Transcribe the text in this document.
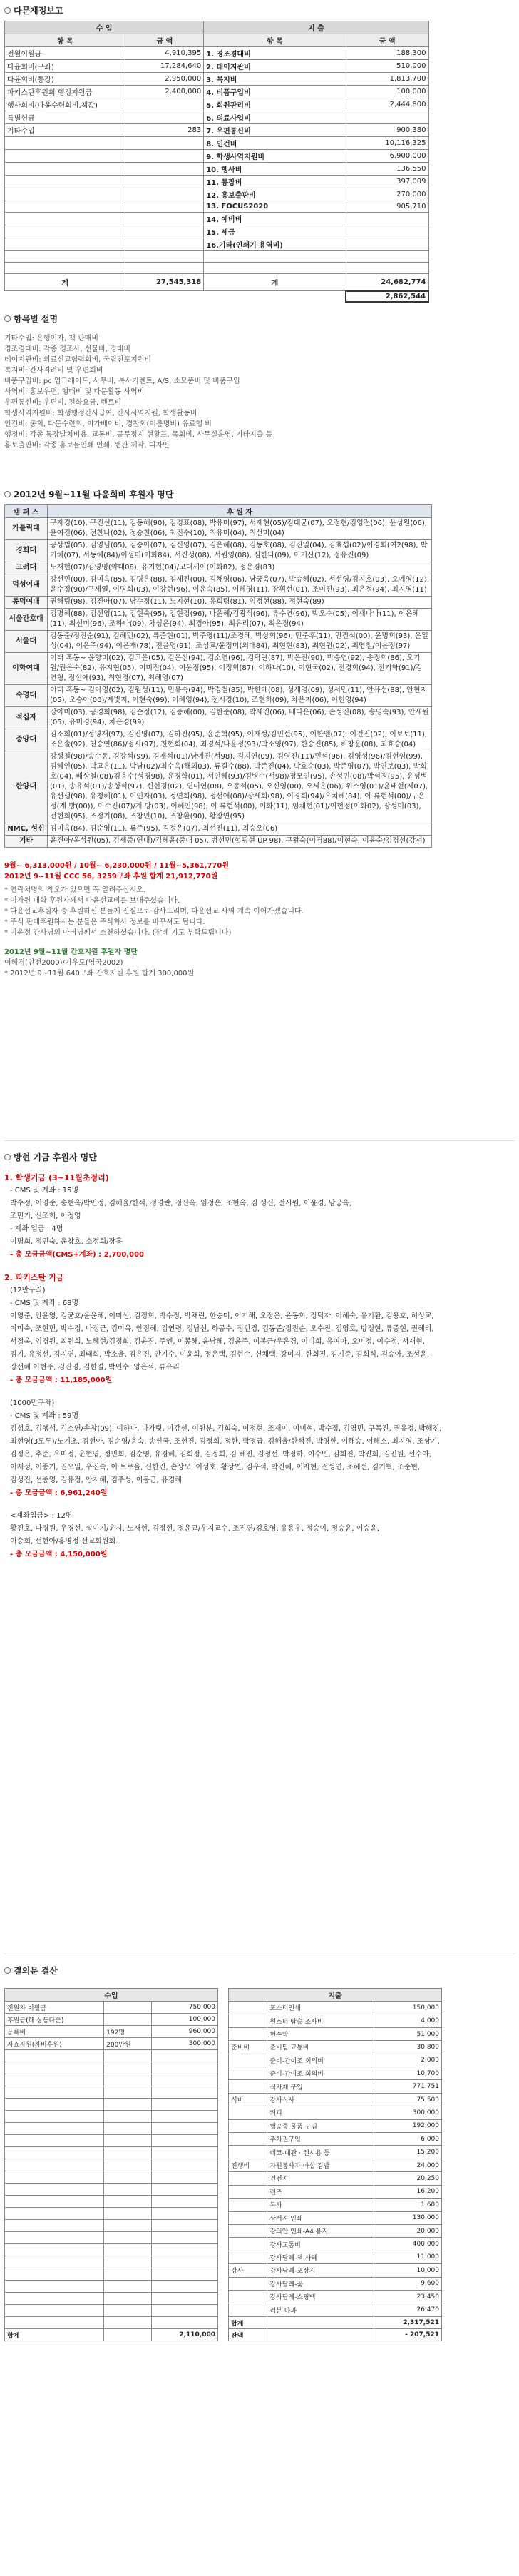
다문재정보고
수 입		지 출	
항 목	금 액	항 목	금 액
전월이월금	4,910,395	1. 경조경대비	188,300
다윤회비(구좌)	17,284,640	2. 데이지관비	510,000
다윤회비(통장)	2,950,000	3. 복지비	1,813,700
파키스탄후원회 행정지원금	2,400,000	4. 비품구입비	100,000
행사회비(다윤수련회비,책값)		5. 회원관리비	2,444,800
특별헌금		6. 의료사업비	
기타수입	283	7. 우편통신비	900,380
		8. 인건비	10,116,325
		9. 학생사역지원비	6,900,000
		10. 행사비	136,550
		11. 통장비	397,009
		12. 홍보출판비	270,000
		13. FOCUS2020	905,710
		14. 예비비	
		15. 세금	
		16.기타(인쇄기 용역비)	

계	27,545,318	계	24,682,774
			2,862,544
항목별 설명
기타수입: 은행이자, 책 판매비
경조경대비: 각종 경조사, 선물비, 경대비
데이지관비: 의료선교협력회비, 국립전포지원비
복지비: 간사격려비 및 우편회비
비품구입비: pc 업그레이드, 사무비, 복사기렌트, A/S, 소모품비 및 비품구입
사역비: 홍보우편, 행대비 및 다문활동 사역비
우편통신비: 우편비, 전화요금, 렌트비
학생사역지원비: 학생행정간사급여, 간사사역지원, 학생활동비
인건비: 총회, 다문수련회, 이가배이비, 경찬회(이름병비) 유료행 비
행정비: 각종 통장발치비용, 교통비, 공무정지 현황표, 목회비, 사무실운영, 기타지출 등
홍보출판비: 각종 홍보물인쇄 인쇄, 웹관 제작, 디자인
2012년 9월~11월 다윤회비 후원자 명단
캠 퍼 스	후 원 자
가톨릭대	구자경(10), 구진선(11), 김동해(90), 김경표(08), 박유미(97), 서재현(05)/김대균(07), 오정현/김영전(06), 윤성원(06), 윤여진(06), 전찬나(02), 정승천(06), 최진수(10), 최유미(04), 최선미(04)
경희대	공상법(05), 김영님(05), 김승아(07), 김신영(07), 김은혜(08), 김동호(08), 김진일(04), 김효섭(02)/이경회(여2(98), 박기해(07), 서동혜(84)/이성미(이화84), 서진성(08), 서원영(08), 심한나(09), 이기산(12), 정유진(09)
고려대	노재현(07)/김영영(약대08), 유기현(04)/고대세이(이화82), 정은경(83)
덕성여대	강선민(00), 김미옥(85), 김명은(88), 김세진(00), 김채영(06), 남궁육(07), 박슈혜(02), 서선영/김지호(03), 오예영(12), 윤수정(90)/구세열, 이명희(03), 이강현(96), 이윤숙(85), 이혜영(11), 장휘선(01), 조미진(93), 최은정(94), 최지영(11)
동덕여대	권해림(98), 김진아(07), 남수정(11), 노지현(10), 유희령(81), 임정현(88), 정현숙(89)
서울간호대	김명혜(88), 김선영(11), 김현숙(95), 김현정(96), 나운혜/김광식(96), 류수연(96), 박오수(05), 이새나나(11), 이은혜(11), 최선미(96), 조하나(09), 차성은(94), 최경아(95), 최유리(07), 최은정(94)
서울대	김동준/정진순(91), 김혜민(02), 류준현(01), 박주영(11)/조경혜, 박상희(96), 민준후(11), 민진석(00), 윤명희(93), 온일성(04), 이은주(94), 이은재(78), 전을영(91), 조성교/윤정미(외대84), 최현현(83), 최현원(02), 최영철/이은정(97)
이화여대	이태 혹동~ 윤향미(02), 김고은(05), 김은선(94), 김소연(96), 김탁란(87), 박은진(90), 박승연(92), 송정희(86), 오기원/권은숙(82), 유지현(05), 이미진(04), 이윤정(95), 이정희(87), 이하나(10), 이현국(02), 전경희(94), 전기화(91)/김연형, 정선애(93), 최현경(07), 최혜영(07)
숙명대	이태 혹동~ 김아영(02), 김원성(11), 민유숙(94), 박경철(85), 박한애(08), 성세영(09), 성서민(11), 안유선(88), 안현지(05), 오승아(00)/계빛지, 이현숙(99), 이혜영(94), 전시경(10), 조현희(09), 차은지(06), 이헌영(94)
적십자	강아미(03), 공경희(98), 김순정(12), 김증혜(00), 김한준(08), 박세진(06), 배다은(06), 손성진(08), 송명숙(93), 안세원(05), 유미경(94), 차은경(99)
중앙대	김소희(01)/정명재(97), 김진영(07), 김하진(95), 윤준혁(95), 이재성/김민선(95), 이한엔(07), 이건진(02), 이보보(11), 조은솔(92), 천승연(86)/정시(97), 천현희(04), 최경석/나윤정(93)/박소영(97), 한승진(85), 허창윤(08), 최효승(04)
한양대	강성철(98)/송수동, 김강석(99), 김재석(01)/남예진(서98), 김지연(09), 김영진(11)/민석(96), 김영성(96)/김현임(99), 김혜인(05), 박고은(11), 박남(02)/최수옥(해외03), 류길수(88), 박준진(04), 박효순(03), 박준영(07), 박인보(03), 박희호(04), 배상철(08)/김응수(성경98), 윤경학(01), 서인혜(93)/김병수(서98)/정모인(95), 손성민(08)/박석경(95), 윤성범(01), 송유석(01)/송형석(97), 신현경(02), 연미연(08), 오동석(05), 오신영(00), 오세은(06), 위소영(01)/윤태현(제07), 유선생(98), 유청혜(01), 이인자(03), 정연희(98), 정선애(08)/장세희(98), 이경희(94)/유치혜(84), 이 류현석(00)/구은정(계 방(00)), 이수진(07)/계 방(03), 이혜인(98), 이 류현석(00), 이화(11), 임채현(01)/이현정(이화02), 장성미(03), 전현희(95), 조정기(08), 조창민(10), 조창환(90), 황장연(95)
NMC, 성신	김미옥(84), 김순영(11), 류주(95), 김정은(07), 최선진(11), 최승오(06)
기타	윤견아/옥성원(05), 김세중(연대)/김혜윤(중대 05), 범선민(헐핑현 UP 98), 구왕숙(이경88)/이현숙, 이윤숙/김경선(강서)
9월~ 6,313,000원 / 10월~ 6,230,000원 / 11월~5,361,770원
2012년 9~11월 CCC 56, 3259구좌 후원 합계 21,912,770원
* 연락처명의 착오가 있으면 꼭 알려주십시오.
* 이가원 대학 후원자께서 다윤선교비를 보내주셨습니다.
* 다윤선교후원자 중 후원하신 분들께 진심으로 감사드리며, 다윤선교 사역 계속 이어가겠습니다.
* 주식 판매후원하시는 분들은 주식회사 정보를 바꾸셔도 됩니다.
* 이윤정 간사님의 아버님께서 소천하셨습니다. (장례 기도 부탁드립니다)
2012년 9월~11월 간호지원 후원자 명단
이혜경(인전2000)/기우도(영국2002)
* 2012년 9~11월 640구좌 간호지원 후원 합계 300,000원
방현 기금 후원자 명단
1. 학생기금 (3~11월초정리)
- CMS 및 계좌 : 15명
박수정, 이영준, 송현옥/박민정, 김해율/한석, 정명란, 정신옥, 임정은, 조현옥, 김 성신, 전시원, 이윤경, 남궁옥,
조민기, 신조희, 이정영
- 계좌 입금 : 4명
이명희, 정민숙, 윤창호, 소정희/장흥
- 총 모금금액(CMS+계좌) : 2,700,000
2. 파키스탄 기금
(12만구좌)
- CMS 및 계좌 : 68명
이영준, 안윤영, 김균호/윤윤혜, 이미선, 김정희, 박수정, 박채린, 한승미, 이기해, 오정은, 윤동희, 정덕자, 이혜숙, 유기환, 김용호, 허성교,
이미숙, 조현민, 박수정, 나정근, 김미옥, 안정혜, 김연령, 정남선, 하공수, 정인경, 김동준/정진순, 오수진, 김영호, 방정현, 류중현, 권혜리,
서정옥, 임경원, 최원희, 노혜현/김정희, 김윤진, 주엔, 이봉해, 윤남혜, 김윤주, 이봉근/우은경, 이미희, 유여아, 오미정, 이수정, 서재현,
김기, 유정선, 김지연, 최태희, 박소율, 김은진, 안기수, 이윤희, 정은택, 김현수, 신채택, 강미지, 한희진, 김기준, 김희식, 김승아, 조성윤,
장선혜 이현주, 김진명, 김한결, 박민수, 양은석, 류유리
- 총 모금금액 : 11,185,000원
(1000만구좌)
- CMS 및 계좌 : 59명
김성호, 김행석, 김소연/송창(09), 이하나, 나가릿, 이강선, 이원분, 김희숙, 이정현, 조재이, 이미현, 박수정, 김영민, 구목진, 권유정, 박해진,
최현영(3모두)/노기초, 김현아, 김순영/용숙, 송신국, 조현진, 김정희, 정한, 박정급, 김해율/한석진, 박영한, 이해승, 이해소, 최지영, 조상기,
김정은, 추준, 유미정, 윤현엽, 정민희, 김순영, 유경혜, 김희정, 김정희, 김 혜진, 김정선, 박정하, 이수민, 김희진, 박진희, 김진원, 선수아,
이재성, 이종기, 권오일, 우진숙, 이 브로올, 신한진, 손상모, 이성호, 황상연, 김우석, 박진혜, 이자현, 전성연, 조혜선, 김기혁, 조준현,
김성진, 선종영, 김유정, 안지혜, 김주성, 이봉근, 유경혜
- 총 모금금액 : 6,961,240원
<계좌입금> : 12명
황진호, 나경원, 우경선, 설여기/윤시, 노재현, 김정현, 정윤교/우지교수, 조진연/김호영, 유용우, 정승이, 정승윤, 이승윤,
이승희, 선현아/홍명정 선교회원회.
- 총 모금금액 : 4,150,000원
결의문 결산
수입		
전원자 이월금		750,000
후원금(해 상동다운)		100,000
등록비	192명	960,000
자쇼자원(자비후원)	200만원	300,000

합계		2,110,000
지출		
	포스터인쇄	150,000
	원스터 탑승 조사비	4,000
	현수막	51,000
준비비	준비팀 교통비	30,800
	준비-간이조 회의비	2,000
	준비-간이조 회의비	10,700
	식자재 구입	771,751
식비	강사식사	75,500
	커피	300,000
	행공중 물품 구입	192,000
	주차권구입	6,000
	데코-대관 · 렌시용 등	15,200
진행비	자원봉사자 마실 김밥	24,000
	건전지	20,250
	렌즈	16,200
	복사	1,600
	상서지 인쇄	130,000
	강의안 인쇄-A4 용지	20,000
	강사교통비	400,000
	강사답례-책 사례	11,000
강사	강사답례-포장지	10,000
	강사답례-꽃	9,600
	강사답례-쇼핑백	23,450
	리본 다과	26,470
합계		2,317,521
잔액		- 207,521
